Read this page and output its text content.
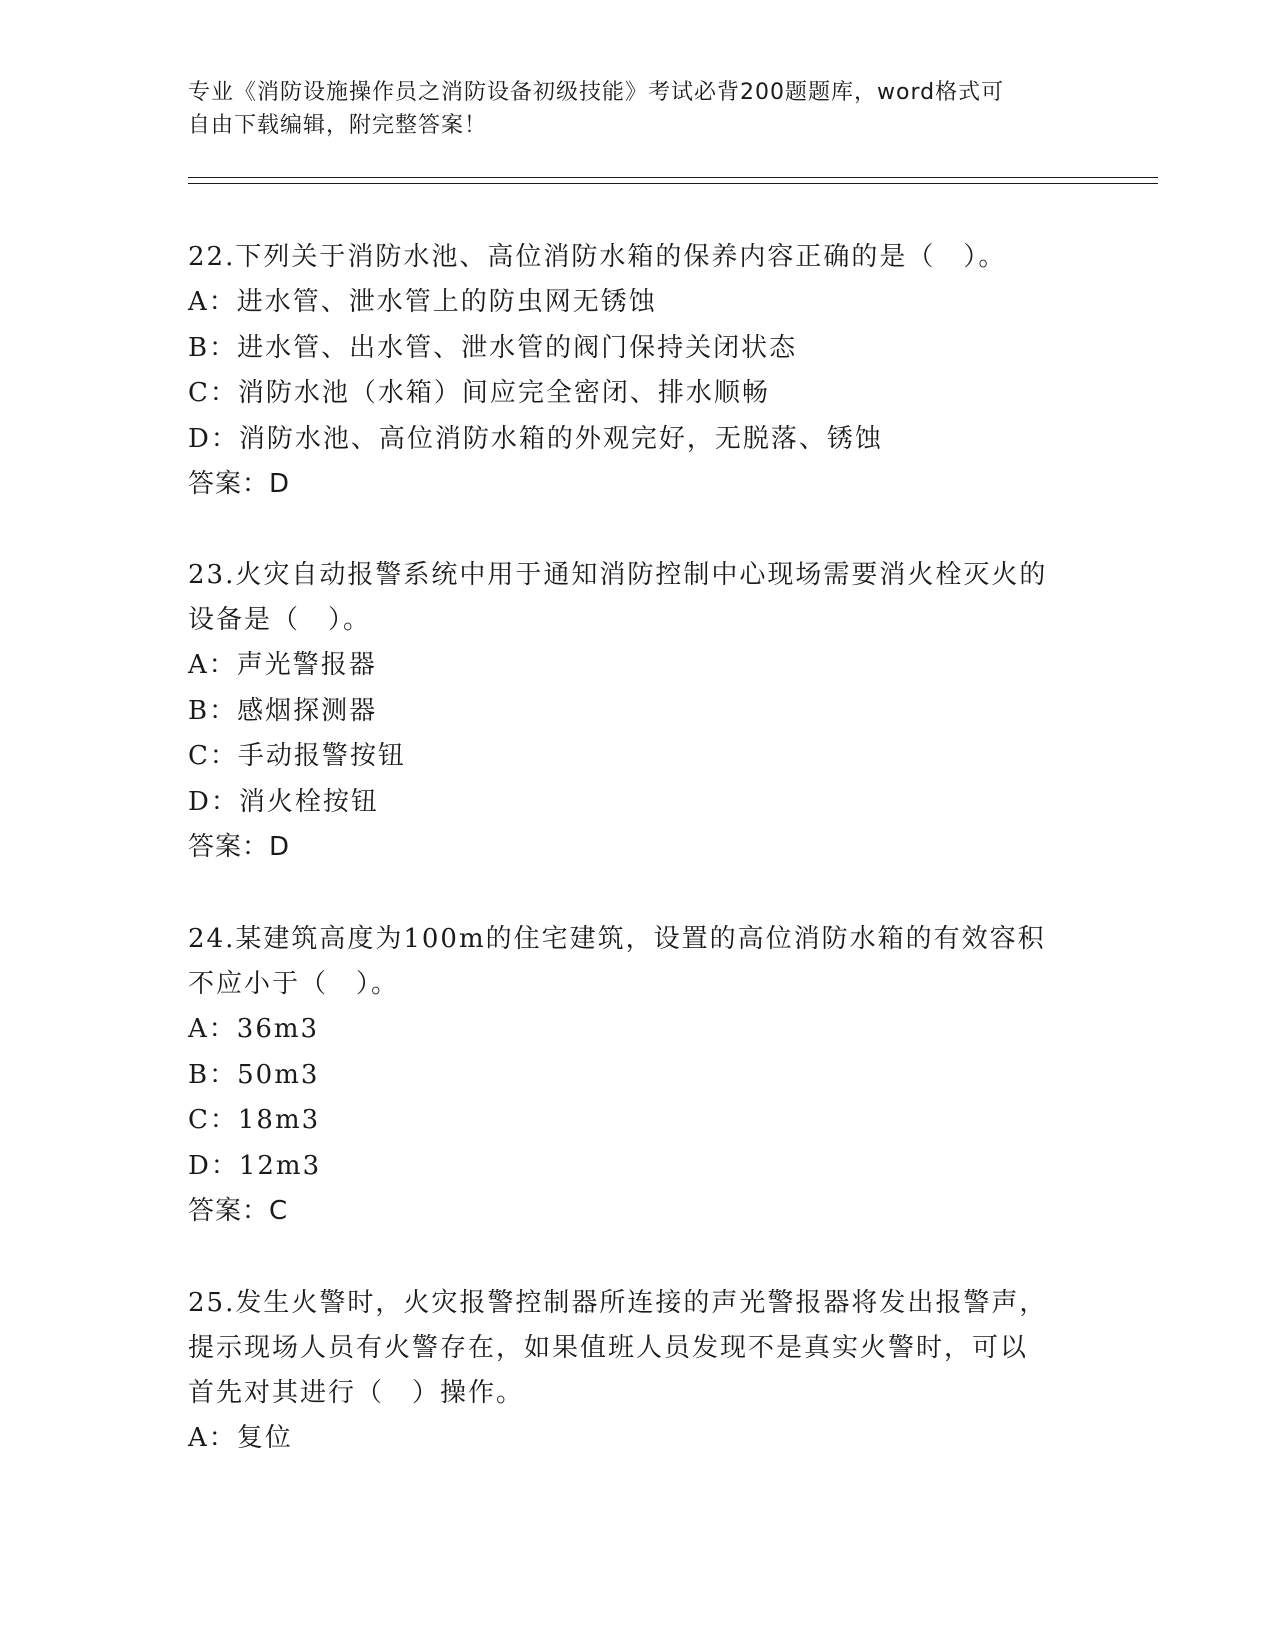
专业《消防设施操作员之消防设备初级技能》考试必背200题题库，word格式可
自由下载编辑，附完整答案！
22.下列关于消防水池、高位消防水箱的保养内容正确的是（　）。
A：进水管、泄水管上的防虫网无锈蚀
B：进水管、出水管、泄水管的阀门保持关闭状态
C：消防水池（水箱）间应完全密闭、排水顺畅
D：消防水池、高位消防水箱的外观完好，无脱落、锈蚀
答案：D
23.火灾自动报警系统中用于通知消防控制中心现场需要消火栓灭火的
设备是（　）。
A：声光警报器
B：感烟探测器
C：手动报警按钮
D：消火栓按钮
答案：D
24.某建筑高度为100m的住宅建筑，设置的高位消防水箱的有效容积
不应小于（　）。
A：36m3
B：50m3
C：18m3
D：12m3
答案：C
25.发生火警时，火灾报警控制器所连接的声光警报器将发出报警声，
提示现场人员有火警存在，如果值班人员发现不是真实火警时，可以
首先对其进行（　）操作。
A：复位
